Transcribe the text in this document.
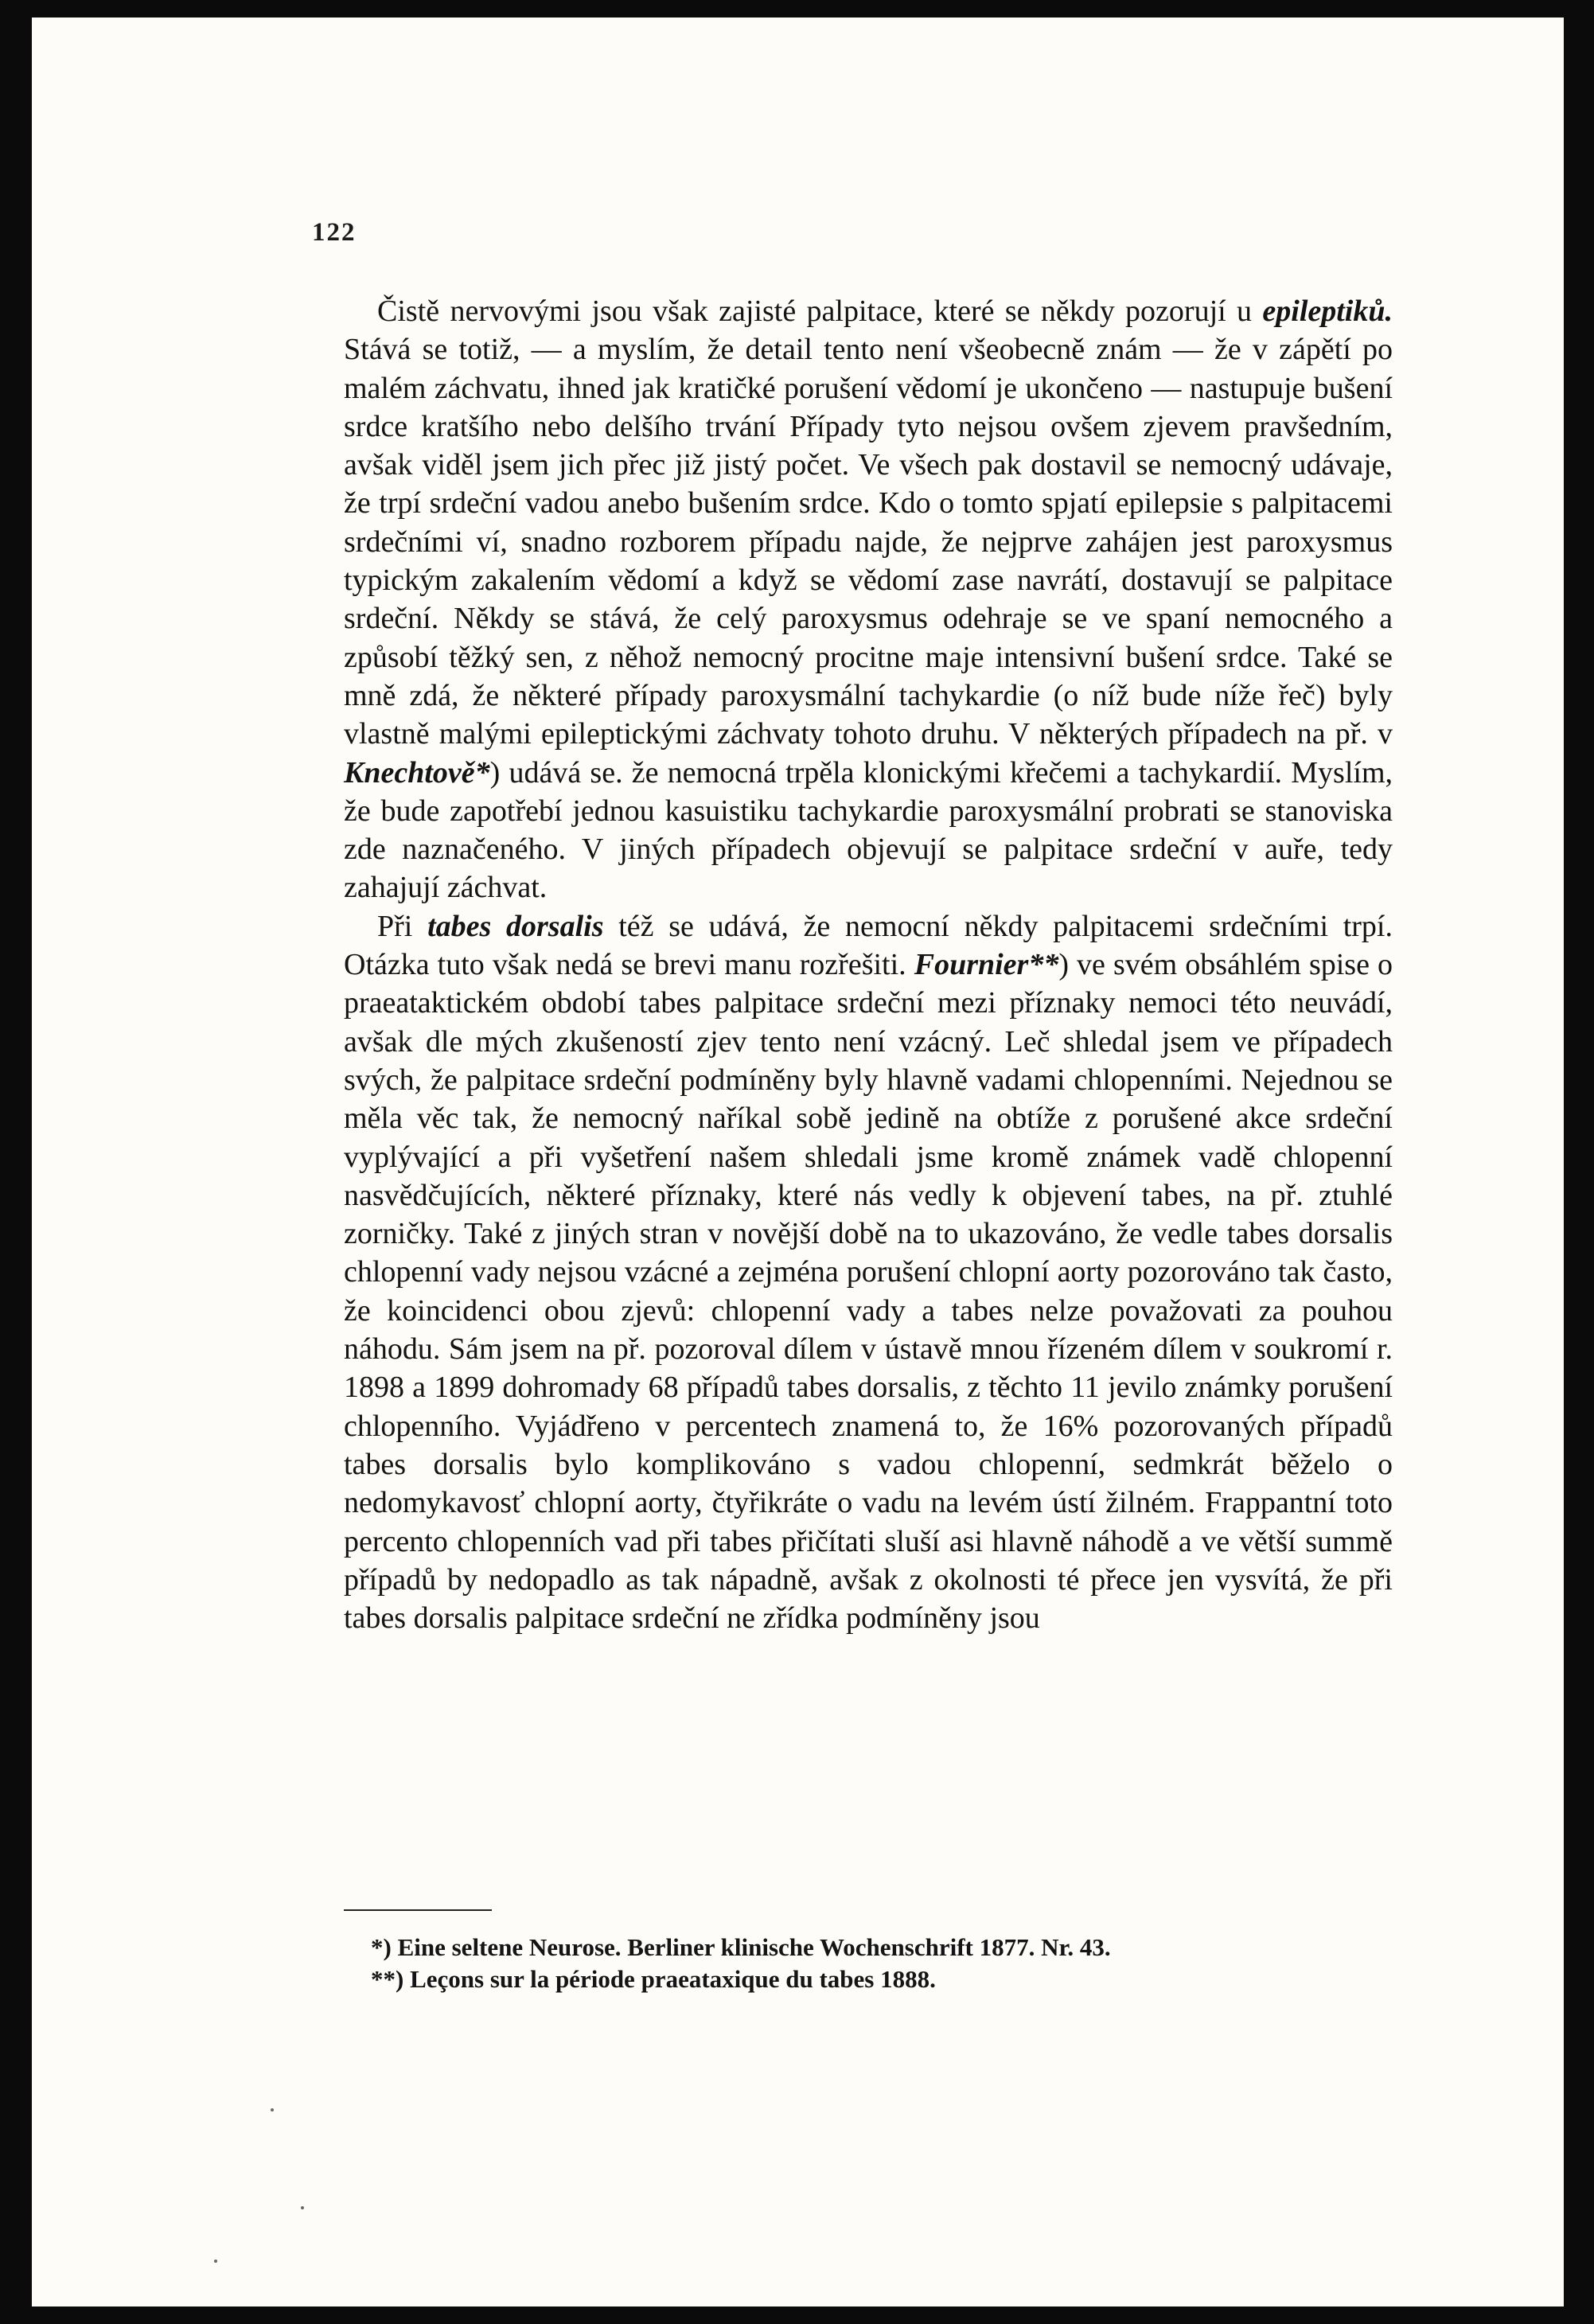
122

Čistě nervovými jsou však zajisté palpitace, které se někdy pozorují u epileptiků. Stává se totiž, — a myslím, že detail tento není všeobecně znám — že v zápětí po malém záchvatu, ihned jak kratičké porušení vědomí je ukončeno — nastupuje bušení srdce kratšího nebo delšího trvání Případy tyto nejsou ovšem zjevem pravšedním, avšak viděl jsem jich přec již jistý počet. Ve všech pak dostavil se nemocný udávaje, že trpí srdeční vadou anebo bušením srdce. Kdo o tomto spjatí epilepsie s palpitacemi srdečními ví, snadno rozborem případu najde, že nejprve zahájen jest paroxysmus typickým zakalením vědomí a když se vědomí zase navrátí, dostavují se palpitace srdeční. Někdy se stává, že celý paroxysmus odehraje se ve spaní nemocného a způsobí těžký sen, z něhož nemocný procitne maje intensivní bušení srdce. Také se mně zdá, že některé případy paroxysmální tachykardie (o níž bude níže řeč) byly vlastně malými epileptickými záchvaty tohoto druhu. V některých případech na př. v Knechtově*) udává se. že nemocná trpěla klonickými křečemi a tachykardií. Myslím, že bude zapotřebí jednou kasuistiku tachykardie paroxysmální probrati se stanoviska zde naznačeného. V jiných případech objevují se palpitace srdeční v auře, tedy zahajují záchvat.

Při tabes dorsalis též se udává, že nemocní někdy palpitacemi srdečními trpí. Otázka tuto však nedá se brevi manu rozřešiti. Fournier**) ve svém obsáhlém spise o praeataktickém období tabes palpitace srdeční mezi příznaky nemoci této neuvádí, avšak dle mých zkušeností zjev tento není vzácný. Leč shledal jsem ve případech svých, že palpitace srdeční podmíněny byly hlavně vadami chlopenními. Nejednou se měla věc tak, že nemocný naříkal sobě jedině na obtíže z porušené akce srdeční vyplývající a při vyšetření našem shledali jsme kromě známek vadě chlopenní nasvědčujících, některé příznaky, které nás vedly k objevení tabes, na př. ztuhlé zorničky. Také z jiných stran v novější době na to ukazováno, že vedle tabes dorsalis chlopenní vady nejsou vzácné a zejména porušení chlopní aorty pozorováno tak často, že koincidenci obou zjevů: chlopenní vady a tabes nelze považovati za pouhou náhodu. Sám jsem na př. pozoroval dílem v ústavě mnou řízeném dílem v soukromí r. 1898 a 1899 dohromady 68 případů tabes dorsalis, z těchto 11 jevilo známky porušení chlopenního. Vyjádřeno v percentech znamená to, že 16% pozorovaných případů tabes dorsalis bylo komplikováno s vadou chlopenní, sedmkrát běželo o nedomykavosť chlopní aorty, čtyřikráte o vadu na levém ústí žilném. Frappantní toto percento chlopenních vad při tabes přičítati sluší asi hlavně náhodě a ve větší summě případů by nedopadlo as tak nápadně, avšak z okolnosti té přece jen vysvítá, že při tabes dorsalis palpitace srdeční ne zřídka podmíněny jsou

*) Eine seltene Neurose. Berliner klinische Wochenschrift 1877. Nr. 43.

**) Leçons sur la période praeataxique du tabes 1888.
